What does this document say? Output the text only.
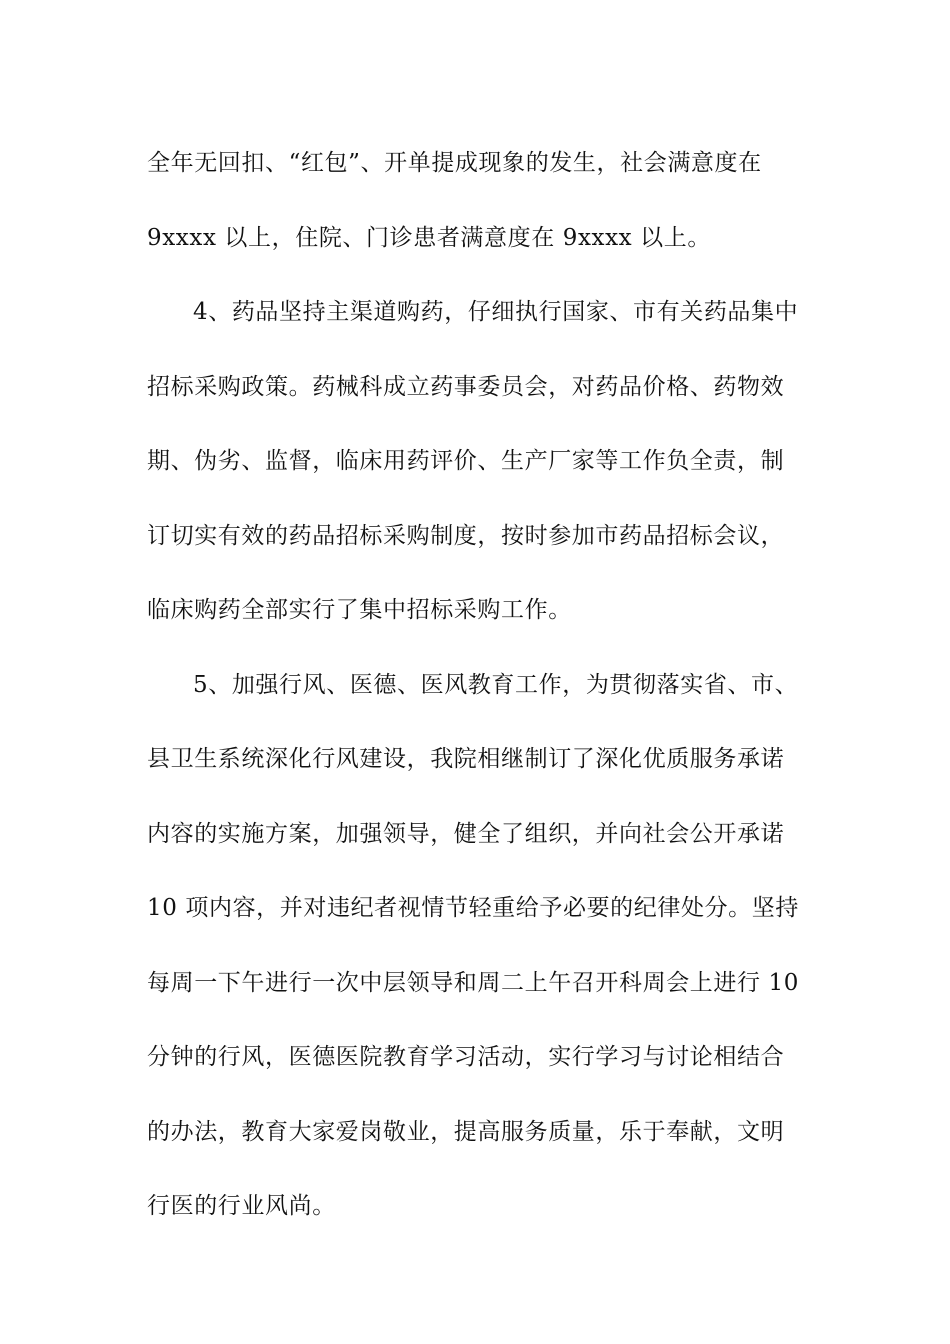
全年无回扣、“红包”、开单提成现象的发生，社会满意度在
9xxxx 以上，住院、门诊患者满意度在 9xxxx 以上。
4、药品坚持主渠道购药，仔细执行国家、市有关药品集中
招标采购政策。药械科成立药事委员会，对药品价格、药物效
期、伪劣、监督，临床用药评价、生产厂家等工作负全责，制
订切实有效的药品招标采购制度，按时参加市药品招标会议，
临床购药全部实行了集中招标采购工作。
5、加强行风、医德、医风教育工作，为贯彻落实省、市、
县卫生系统深化行风建设，我院相继制订了深化优质服务承诺
内容的实施方案，加强领导，健全了组织，并向社会公开承诺
10 项内容，并对违纪者视情节轻重给予必要的纪律处分。坚持
每周一下午进行一次中层领导和周二上午召开科周会上进行 10
分钟的行风，医德医院教育学习活动，实行学习与讨论相结合
的办法，教育大家爱岗敬业，提高服务质量，乐于奉献，文明
行医的行业风尚。
